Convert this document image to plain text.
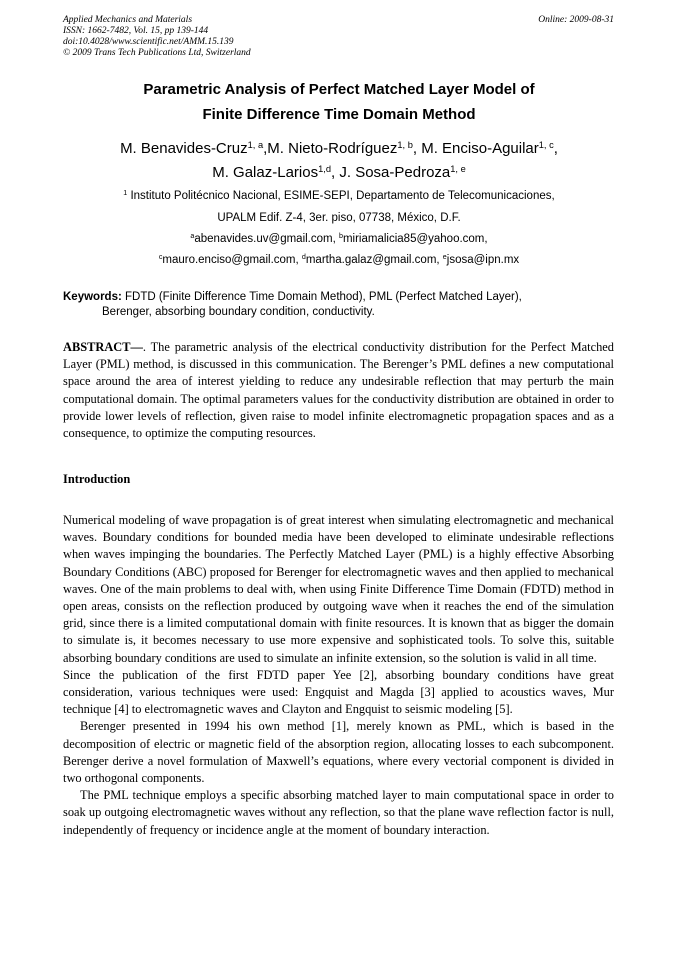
Applied Mechanics and Materials
ISSN: 1662-7482, Vol. 15, pp 139-144
doi:10.4028/www.scientific.net/AMM.15.139
© 2009 Trans Tech Publications Ltd, Switzerland
Online: 2009-08-31
Parametric Analysis of Perfect Matched Layer Model of
Finite Difference Time Domain Method
M. Benavides-Cruz$^{1, a}$,M. Nieto-Rodríguez$^{1, b}$, M. Enciso-Aguilar$^{1, c}$,
M. Galaz-Larios$^{1,d}$, J. Sosa-Pedroza$^{1, e}$
$^1$ Instituto Politécnico Nacional, ESIME-SEPI, Departamento de Telecomunicaciones,
UPALM Edif. Z-4, 3er. piso, 07738, México, D.F.
$^a$abenavides.uv@gmail.com, $^b$miriamalicia85@yahoo.com,
$^c$mauro.enciso@gmail.com, $^d$martha.galaz@gmail.com, $^e$jsosa@ipn.mx
Keywords: FDTD (Finite Difference Time Domain Method), PML (Perfect Matched Layer),
Berenger, absorbing boundary condition, conductivity.
ABSTRACT—. The parametric analysis of the electrical conductivity distribution for the Perfect Matched Layer (PML) method, is discussed in this communication. The Berenger’s PML defines a new computational space around the area of interest yielding to reduce any undesirable reflection that may perturb the main computational domain. The optimal parameters values for the conductivity distribution are obtained in order to provide lower levels of reflection, given raise to model infinite electromagnetic propagation spaces and as a consequence, to optimize the computing resources.
Introduction

Numerical modeling of wave propagation is of great interest when simulating electromagnetic and mechanical waves. Boundary conditions for bounded media have been developed to eliminate undesirable reflections when waves impinging the boundaries. The Perfectly Matched Layer (PML) is a highly effective Absorbing Boundary Conditions (ABC) proposed for Berenger for electromagnetic waves and then applied to mechanical waves. One of the main problems to deal with, when using Finite Difference Time Domain (FDTD) method in open areas, consists on the reflection produced by outgoing wave when it reaches the end of the simulation grid, since there is a limited computational domain with finite resources. It is known that as bigger the domain to simulate is, it becomes necessary to use more expensive and sophisticated tools. To solve this, suitable absorbing boundary conditions are used to simulate an infinite extension, so the solution is valid in all time.

Since the publication of the first FDTD paper Yee [2], absorbing boundary conditions have great consideration, various techniques were used: Engquist and Magda [3] applied to acoustics waves, Mur technique [4] to electromagnetic waves and Clayton and Engquist to seismic modeling [5].

Berenger presented in 1994 his own method [1], merely known as PML, which is based in the decomposition of electric or magnetic field of the absorption region, allocating losses to each subcomponent. Berenger derive a novel formulation of Maxwell’s equations, where every vectorial component is divided in two orthogonal components.

The PML technique employs a specific absorbing matched layer to main computational space in order to soak up outgoing electromagnetic waves without any reflection, so that the plane wave reflection factor is null, independently of frequency or incidence angle at the moment of boundary interaction.
